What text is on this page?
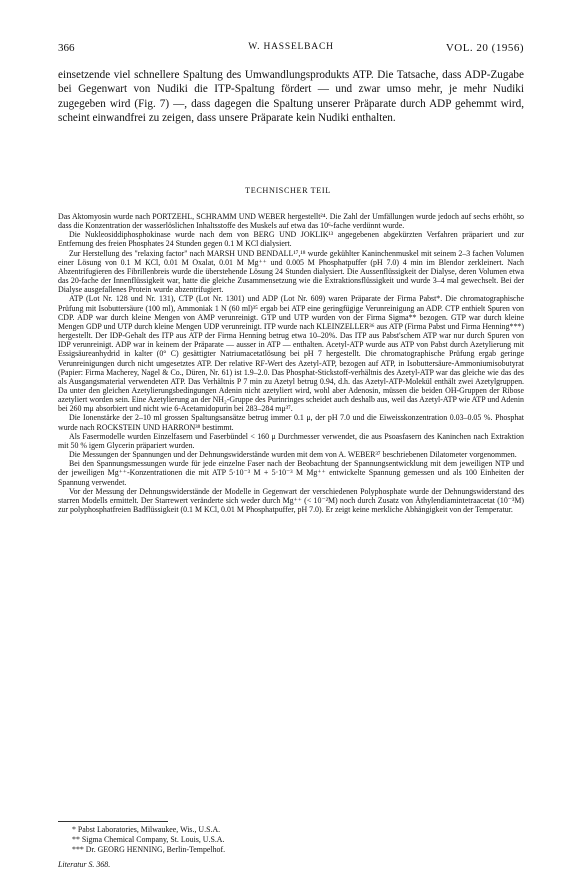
366	W. HASSELBACH	VOL. 20 (1956)
einsetzende viel schnellere Spaltung des Umwandlungsprodukts ATP. Die Tatsache, dass ADP-Zugabe bei Gegenwart von Nudiki die ITP-Spaltung fördert — und zwar umso mehr, je mehr Nudiki zugegeben wird (Fig. 7) —, dass dagegen die Spaltung unserer Präparate durch ADP gehemmt wird, scheint einwandfrei zu zeigen, dass unsere Präparate kein Nudiki enthalten.
TECHNISCHER TEIL

Das Aktomyosin wurde nach PORTZEHL, SCHRAMM UND WEBER hergestellt²⁴. Die Zahl der Umfällungen wurde jedoch auf sechs erhöht, so dass die Konzentration der wasserlöslichen Inhaltsstoffe des Muskels auf etwa das 10⁶-fache verdünnt wurde.

Die Nukleosiddiphosphokinase wurde nach dem von BERG UND JOKLIK¹³ angegebenen abgekürzten Verfahren präpariert und zur Entfernung des freien Phosphates 24 Stunden gegen 0.1 M KCl dialysiert.

Zur Herstellung des "relaxing factor" nach MARSH UND BENDALL¹⁷,¹⁸ wurde gekühlter Kaninchenmuskel mit seinem 2–3 fachen Volumen einer Lösung von 0.1 M KCl, 0.01 M Oxalat, 0.01 M Mg⁺⁺ und 0.005 M Phosphatpuffer (pH 7.0) 4 min im Blendor zerkleinert. Nach Abzentrifugieren des Fibrillenbreis wurde die überstehende Lösung 24 Stunden dialysiert. Die Aussenflüssigkeit der Dialyse, deren Volumen etwa das 20-fache der Innenflüssigkeit war, hatte die gleiche Zusammensetzung wie die Extraktionsflüssigkeit und wurde 3–4 mal gewechselt. Bei der Dialyse ausgefallenes Protein wurde abzentrifugiert.

ATP (Lot Nr. 128 und Nr. 131), CTP (Lot Nr. 1301) und ADP (Lot Nr. 609) waren Präparate der Firma Pabst*. Die chromatographische Prüfung mit Isobuttersäure (100 ml), Ammoniak 1 N (60 ml)³⁵ ergab bei ATP eine geringfügige Verunreinigung an ADP. CTP enthielt Spuren von CDP. ADP war durch kleine Mengen von AMP verunreinigt. GTP und UTP wurden von der Firma Sigma** bezogen. GTP war durch kleine Mengen GDP und UTP durch kleine Mengen UDP verunreinigt. ITP wurde nach KLEINZELLER³⁶ aus ATP (Firma Pabst und Firma Henning***) hergestellt. Der IDP-Gehalt des ITP aus ATP der Firma Henning betrug etwa 10–20%. Das ITP aus Pabst'schem ATP war nur durch Spuren von IDP verunreinigt. ADP war in keinem der Präparate — ausser in ATP — enthalten. Acetyl-ATP wurde aus ATP von Pabst durch Azetylierung mit Essigsäureanhydrid in kalter (0° C) gesättigter Natriumacetatlösung bei pH 7 hergestellt. Die chromatographische Prüfung ergab geringe Verunreinigungen durch nicht umgesetztes ATP. Der relative RF-Wert des Azetyl-ATP, bezogen auf ATP, in Isobuttersäure-Ammoniumisobutyrat (Papier: Firma Macherey, Nagel & Co., Düren, Nr. 61) ist 1.9–2.0. Das Phosphat-Stickstoff-verhältnis des Azetyl-ATP war das gleiche wie das des als Ausgangsmaterial verwendeten ATP. Das Verhältnis P 7 min zu Azetyl betrug 0.94, d.h. das Azetyl-ATP-Molekül enthält zwei Azetylgruppen. Da unter den gleichen Azetylierungsbedingungen Adenin nicht azetyliert wird, wohl aber Adenosin, müssen die beiden OH-Gruppen der Ribose azetyliert worden sein. Eine Azetylierung an der NH₂-Gruppe des Purinringes scheidet auch deshalb aus, weil das Azetyl-ATP wie ATP und Adenin bei 260 mμ absorbiert und nicht wie 6-Acetamidopurin bei 283–284 mμ³⁷.

Die Ionenstärke der 2–10 ml grossen Spaltungsansätze betrug immer 0.1 μ, der pH 7.0 und die Eiweisskonzentration 0.03–0.05 %. Phosphat wurde nach ROCKSTEIN UND HARRON³⁸ bestimmt.

Als Fasermodelle wurden Einzelfasern und Faserbündel < 160 μ Durchmesser verwendet, die aus Psoasfasern des Kaninchen nach Extraktion mit 50 % igem Glycerin präpariert wurden.

Die Messungen der Spannungen und der Dehnungswiderstände wurden mit dem von A. WEBER³⁷ beschriebenen Dilatometer vorgenommen.

Bei den Spannungsmessungen wurde für jede einzelne Faser nach der Beobachtung der Spannungsentwicklung mit dem jeweiligen NTP und der jeweiligen Mg⁺⁺-Konzentrationen die mit ATP 5·10⁻³ M + 5·10⁻³ M Mg⁺⁺ entwickelte Spannung gemessen und als 100 Einheiten der Spannung verwendet.

Vor der Messung der Dehnungswiderstände der Modelle in Gegenwart der verschiedenen Polyphosphate wurde der Dehnungswiderstand des starren Modells ermittelt. Der Starrewert veränderte sich weder durch Mg⁺⁺ (< 10⁻²M) noch durch Zusatz von Äthylendiamintetraacetat (10⁻³M) zur polyphosphatfreien Badflüssigkeit (0.1 M KCl, 0.01 M Phosphatpuffer, pH 7.0). Er zeigt keine merkliche Abhängigkeit von der Temperatur.

* Pabst Laboratories, Milwaukee, Wis., U.S.A.
** Sigma Chemical Company, St. Louis, U.S.A.
*** Dr. GEORG HENNING, Berlin-Tempelhof.
Literatur S. 368.
